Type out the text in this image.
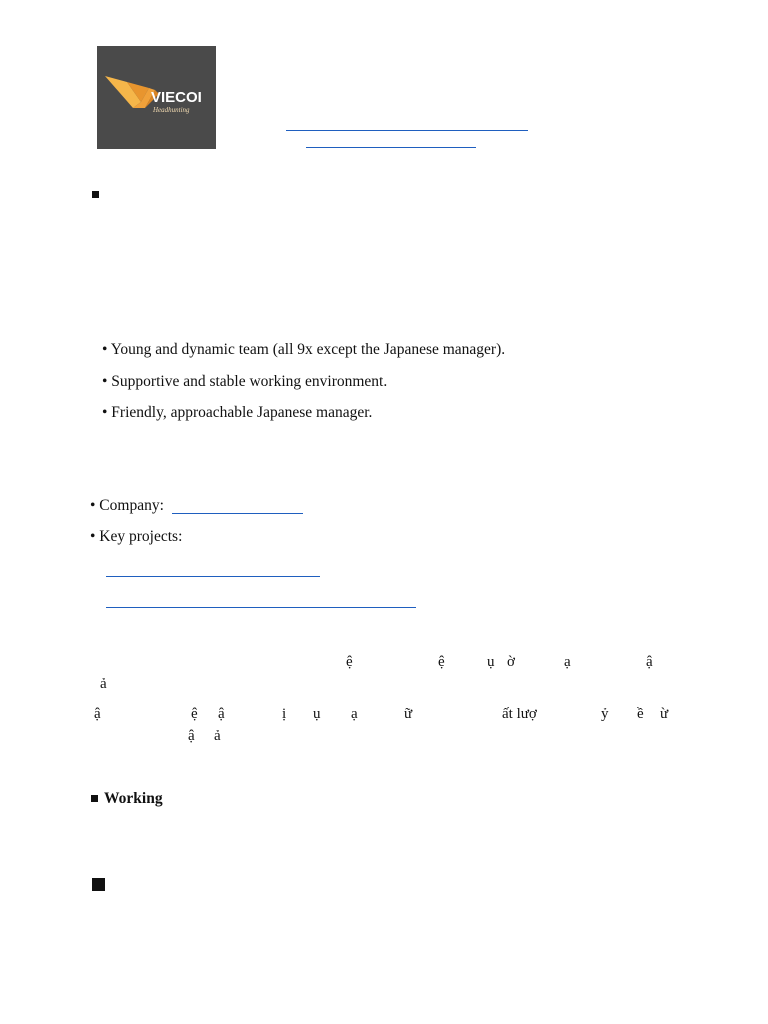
VIECOI
Headhunting
• Young and dynamic team (all 9x except the Japanese manager).
• Supportive and stable working environment.
• Friendly, approachable Japanese manager.
• Company:
• Key projects:
ệ	ệ	ụ ờ	ạ	ậ
ả
ậ	ệ ậ	ị ụ ạ	ữ	ất lượ	ỷ ề ừ
ậ ả
Working
